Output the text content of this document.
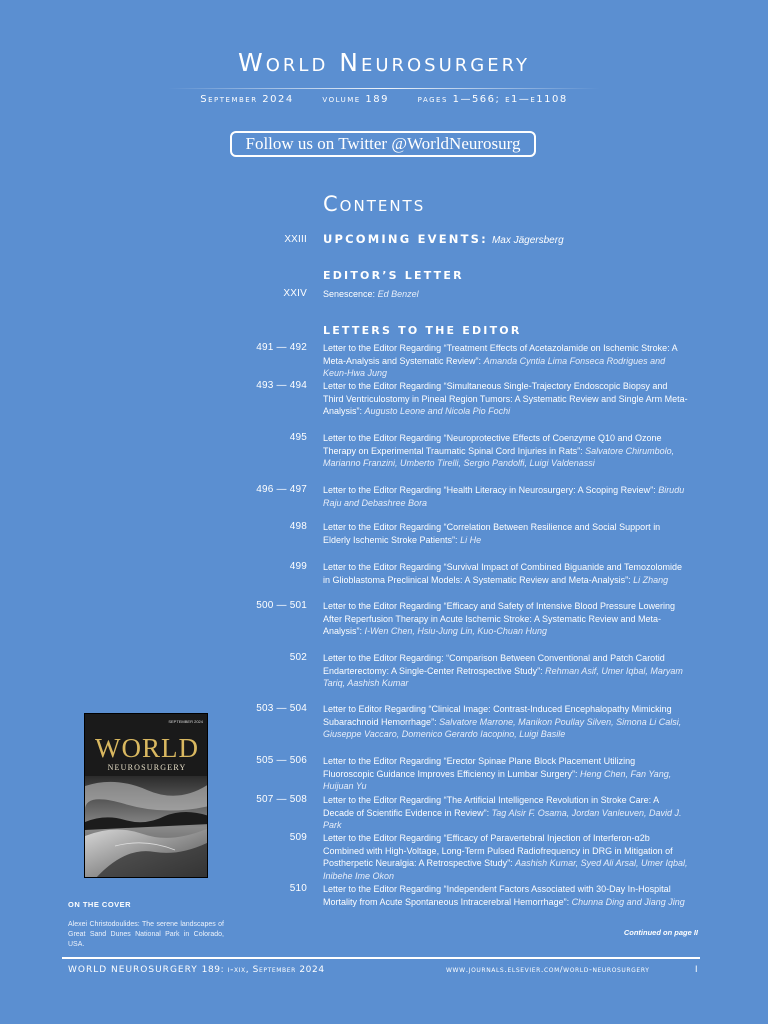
World Neurosurgery
September 2024	volume 189	pages 1—566; e1—e1108
Follow us on Twitter @WorldNeurosurg
Contents
XXIII UPCOMING EVENTS: Max Jägersberg
EDITOR’S LETTER
XXIV Senescence: Ed Benzel
LETTERS TO THE EDITOR
491 — 492 Letter to the Editor Regarding “Treatment Effects of Acetazolamide on Ischemic Stroke: A Meta-Analysis and Systematic Review”: Amanda Cyntia Lima Fonseca Rodrigues and Keun-Hwa Jung
493 — 494 Letter to the Editor Regarding “Simultaneous Single-Trajectory Endoscopic Biopsy and Third Ventriculostomy in Pineal Region Tumors: A Systematic Review and Single Arm Meta-Analysis”: Augusto Leone and Nicola Pio Fochi
495 Letter to the Editor Regarding “Neuroprotective Effects of Coenzyme Q10 and Ozone Therapy on Experimental Traumatic Spinal Cord Injuries in Rats”: Salvatore Chirumbolo, Marianno Franzini, Umberto Tirelli, Sergio Pandolfi, Luigi Valdenassi
496 — 497 Letter to the Editor Regarding “Health Literacy in Neurosurgery: A Scoping Review”: Birudu Raju and Debashree Bora
498 Letter to the Editor Regarding “Correlation Between Resilience and Social Support in Elderly Ischemic Stroke Patients”: Li He
499 Letter to the Editor Regarding “Survival Impact of Combined Biguanide and Temozolomide in Glioblastoma Preclinical Models: A Systematic Review and Meta-Analysis”: Li Zhang
500 — 501 Letter to the Editor Regarding “Efficacy and Safety of Intensive Blood Pressure Lowering After Reperfusion Therapy in Acute Ischemic Stroke: A Systematic Review and Meta-Analysis”: I-Wen Chen, Hsiu-Jung Lin, Kuo-Chuan Hung
502 Letter to the Editor Regarding: “Comparison Between Conventional and Patch Carotid Endarterectomy: A Single-Center Retrospective Study”: Rehman Asif, Umer Iqbal, Maryam Tariq, Aashish Kumar
503 — 504 Letter to Editor Regarding “Clinical Image: Contrast-Induced Encephalopathy Mimicking Subarachnoid Hemorrhage”: Salvatore Marrone, Manikon Poullay Silven, Simona Li Calsi, Giuseppe Vaccaro, Domenico Gerardo Iacopino, Luigi Basile
505 — 506 Letter to the Editor Regarding “Erector Spinae Plane Block Placement Utilizing Fluoroscopic Guidance Improves Efficiency in Lumbar Surgery”: Heng Chen, Fan Yang, Huijuan Yu
507 — 508 Letter to the Editor Regarding “The Artificial Intelligence Revolution in Stroke Care: A Decade of Scientific Evidence in Review”: Tag Alsir F. Osama, Jordan Vanleuven, David J. Park
509 Letter to the Editor Regarding “Efficacy of Paravertebral Injection of Interferon-α2b Combined with High-Voltage, Long-Term Pulsed Radiofrequency in DRG in Mitigation of Postherpetic Neuralgia: A Retrospective Study”: Aashish Kumar, Syed Ali Arsal, Umer Iqbal, Inibehe Ime Okon
510 Letter to the Editor Regarding “Independent Factors Associated with 30-Day In-Hospital Mortality from Acute Spontaneous Intracerebral Hemorrhage”: Chunna Ding and Jiang Jing
SEPTEMBER 2024
WORLD
NEUROSURGERY
ON THE COVER
Alexei Christodoulides: The serene landscapes of Great Sand Dunes National Park in Colorado, USA.
Continued on page II
WORLD NEUROSURGERY 189: i-xix, September 2024	www.journals.elsevier.com/world-neurosurgery	I
